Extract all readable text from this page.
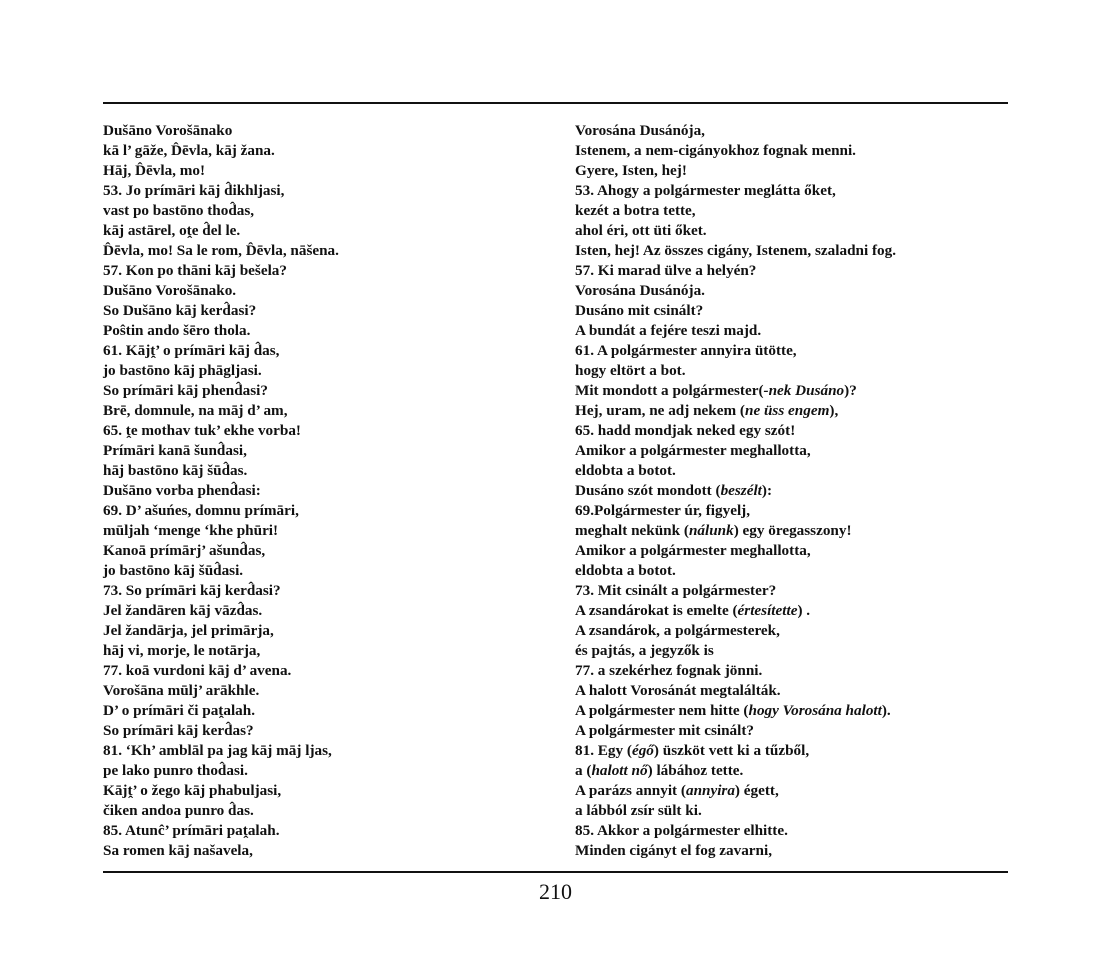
Dušāno Vorošānako
kā l’ gāže, D̂ēvla, kāj žana.
Hāj, D̂ēvla, mo!
53. Jo prímāri kāj d̂ikhljasi,
vast po bastōno thod̂as,
kāj astārel, oṱe d̂el le.
D̂ēvla, mo! Sa le rom, D̂ēvla, nāšena.
57. Kon po thāni kāj bešela?
Dušāno Vorošānako.
So Dušāno kāj kerd̂asi?
Poŝtin ando šēro thola.
61. Kājṱ’ o prímāri kāj d̂as,
jo bastōno kāj phāgljasi.
So prímāri kāj phend̂asi?
Brē, domnule, na māj d’ am,
65. ṱe mothav tuk’ ekhe vorba!
Prímāri kanā šund̂asi,
hāj bastōno kāj šūd̂as.
Dušāno vorba phend̂asi:
69. D’ ašuńes, domnu prímāri,
mūljah ‘menge ‘khe phūri!
Kanoā prímārj’ ašund̂as,
jo bastōno kāj šūd̂asi.
73. So prímāri kāj kerd̂asi?
Jel žandāren kāj vāzd̂as.
Jel žandārja, jel primārja,
hāj vi, morje, le notārja,
77. koā vurdoni kāj d’ avena.
Vorošāna mūlj’ arākhle.
D’ o prímāri či paṱalah.
So prímāri kāj kerd̂as?
81. ‘Kh’ amblāl pa jag kāj māj ljas,
pe lako punro thod̂asi.
Kājṱ’ o žego kāj phabuljasi,
čiken andoa punro d̂as.
85. Atunĉ’ prímāri paṱalah.
Sa romen kāj našavela,
Vorosána Dusánója,
Istenem, a nem-cigányokhoz fognak menni.
Gyere, Isten, hej!
53. Ahogy a polgármester meglátta őket,
kezét a botra tette,
ahol éri, ott üti őket.
Isten, hej! Az összes cigány, Istenem, szaladni fog.
57. Ki marad ülve a helyén?
Vorosána Dusánója.
Dusáno mit csinált?
A bundát a fejére teszi majd.
61. A polgármester annyira ütötte,
hogy eltört a bot.
Mit mondott a polgármester(-nek Dusáno)?
Hej, uram, ne adj nekem (ne üss engem),
65. hadd mondjak neked egy szót!
Amikor a polgármester meghallotta,
eldobta a botot.
Dusáno szót mondott (beszélt):
69.Polgármester úr, figyelj,
meghalt nekünk (nálunk) egy öregasszony!
Amikor a polgármester meghallotta,
eldobta a botot.
73. Mit csinált a polgármester?
A zsandárokat is emelte (értesítette) .
A zsandárok, a polgármesterek,
és pajtás, a jegyzők is
77. a szekérhez fognak jönni.
A halott Vorosánát megtalálták.
A polgármester nem hitte (hogy Vorosána halott).
A polgármester mit csinált?
81. Egy (égő) üszköt vett ki a tűzből,
a (halott nő) lábához tette.
A parázs annyit (annyira) égett,
a lábból zsír sült ki.
85. Akkor a polgármester elhitte.
Minden cigányt el fog zavarni,
210
